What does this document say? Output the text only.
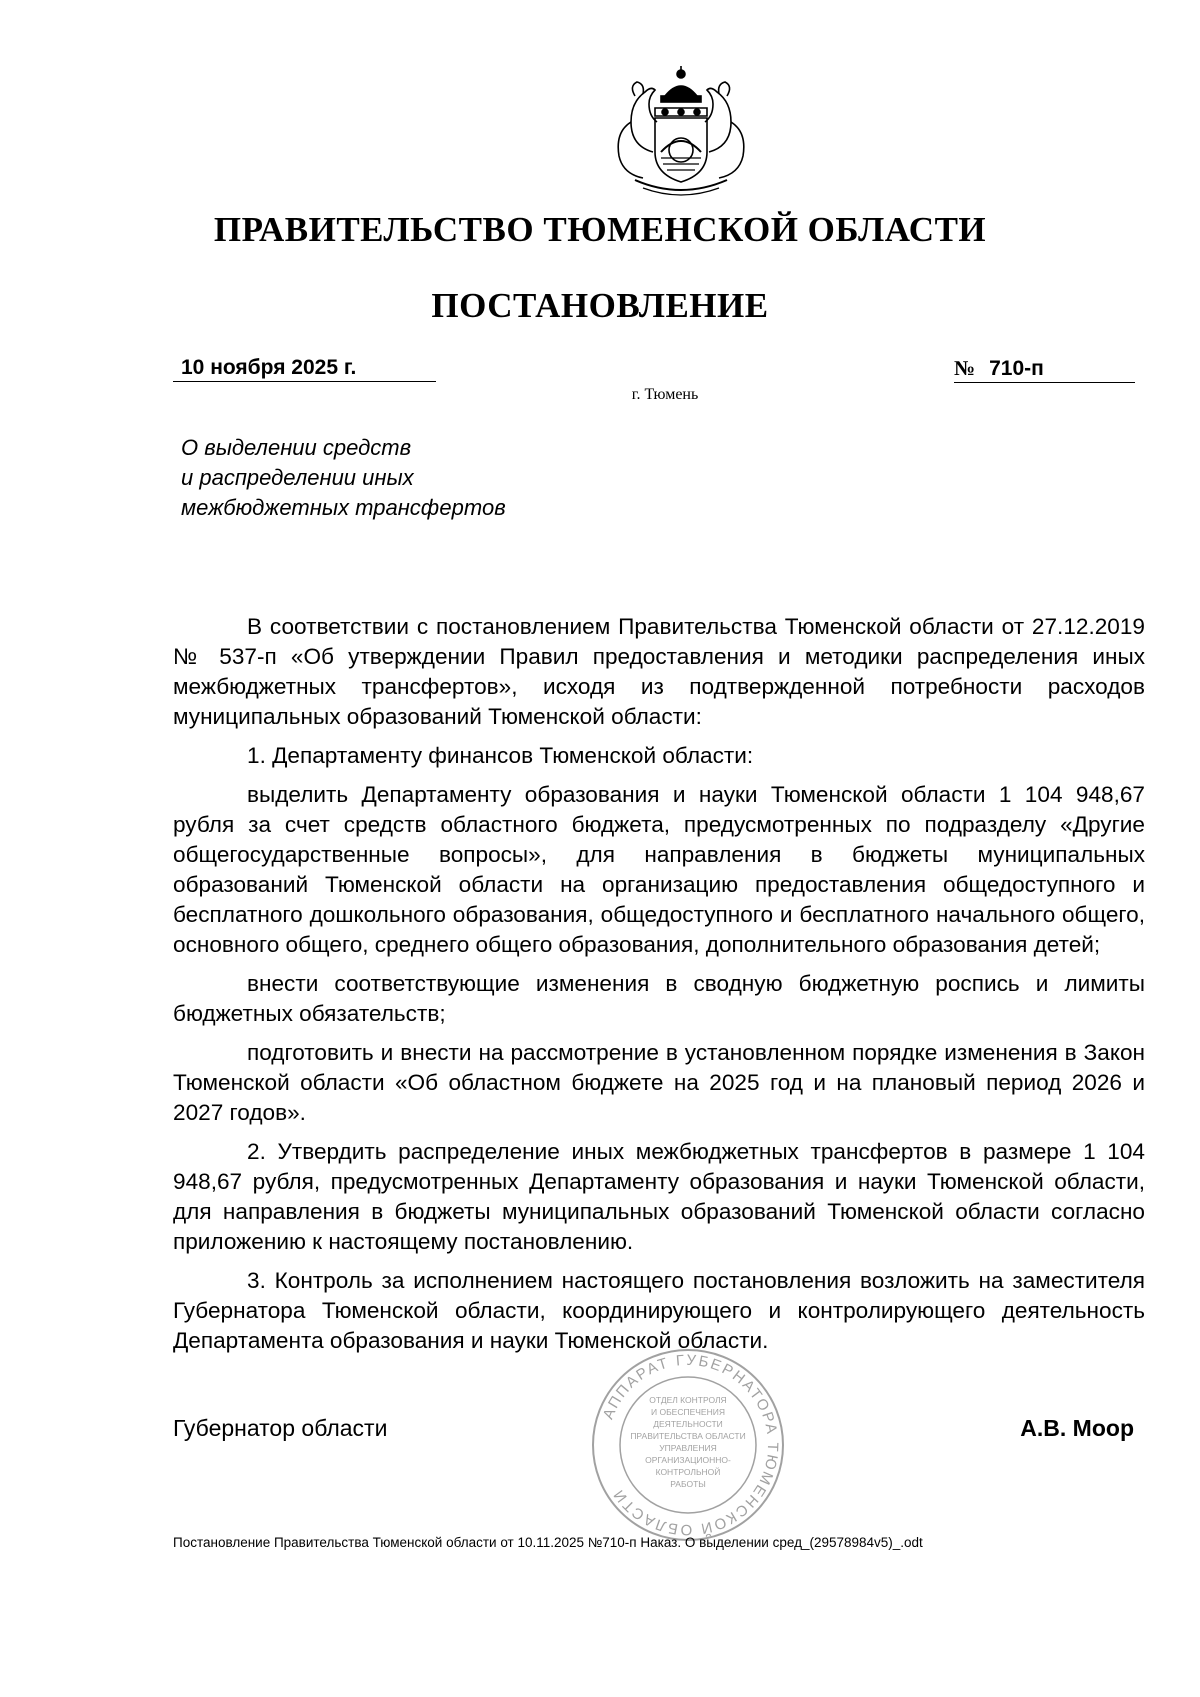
ПРАВИТЕЛЬСТВО ТЮМЕНСКОЙ ОБЛАСТИ
ПОСТАНОВЛЕНИЕ
10 ноября 2025 г.	№ 710-п
г. Тюмень
О выделении средств
и распределении иных
межбюджетных трансфертов

В соответствии с постановлением Правительства Тюменской области от 27.12.2019 № 537-п «Об утверждении Правил предоставления и методики распределения иных межбюджетных трансфертов», исходя из подтвержденной потребности расходов муниципальных образований Тюменской области:

1. Департаменту финансов Тюменской области:

выделить Департаменту образования и науки Тюменской области 1 104 948,67 рубля за счет средств областного бюджета, предусмотренных по подразделу «Другие общегосударственные вопросы», для направления в бюджеты муниципальных образований Тюменской области на организацию предоставления общедоступного и бесплатного дошкольного образования, общедоступного и бесплатного начального общего, основного общего, среднего общего образования, дополнительного образования детей;

внести соответствующие изменения в сводную бюджетную роспись и лимиты бюджетных обязательств;

подготовить и внести на рассмотрение в установленном порядке изменения в Закон Тюменской области «Об областном бюджете на 2025 год и на плановый период 2026 и 2027 годов».

2. Утвердить распределение иных межбюджетных трансфертов в размере 1 104 948,67 рубля, предусмотренных Департаменту образования и науки Тюменской области, для направления в бюджеты муниципальных образований Тюменской области согласно приложению к настоящему постановлению.

3. Контроль за исполнением настоящего постановления возложить на заместителя Губернатора Тюменской области, координирующего и контролирующего деятельность Департамента образования и науки Тюменской области.

АППАРАТ ГУБЕРНАТОРА ТЮМЕНСКОЙ ОБЛАСТИ
ОТДЕЛ КОНТРОЛЯ
И ОБЕСПЕЧЕНИЯ
ДЕЯТЕЛЬНОСТИ
ПРАВИТЕЛЬСТВА ОБЛАСТИ
УПРАВЛЕНИЯ
ОРГАНИЗАЦИОННО-
КОНТРОЛЬНОЙ
РАБОТЫ
Губернатор области	А.В. Моор
Постановление Правительства Тюменской области от 10.11.2025 №710-п Наказ. О выделении сред_(29578984v5)_.odt
